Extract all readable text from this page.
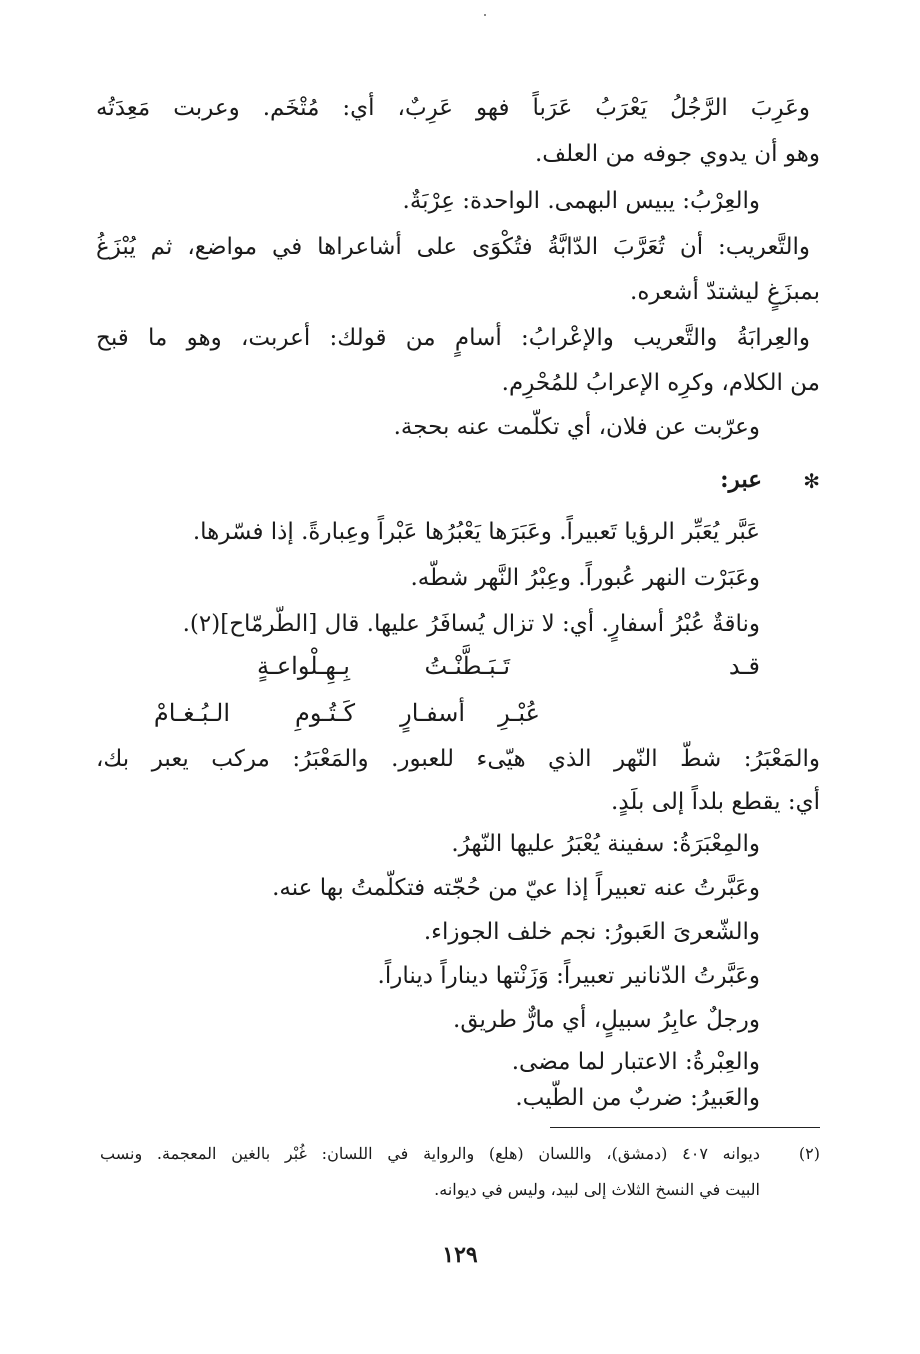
وعَرِبَ الرَّجُلُ يَعْرَبُ عَرَباً فهو عَرِبٌ، أي: مُتْخَم. وعربت مَعِدَتُه
وهو أن يدوي جوفه من العلف.
والعِرْبُ: يبيس البهمى. الواحدة: عِرْبَةٌ.
والتَّعريب: أن تُعَرَّبَ الدّابَّةُ فتُكْوَى على أشاعراها في مواضع، ثم يُبْزَغُ
بمبزَغٍ ليشتدّ أشعره.
والعِرابَةُ والتَّعريب والإعْرابُ: أسامٍ من قولك: أعربت، وهو ما قبح
من الكلام، وكرِه الإعرابُ للمُحْرِم.
وعرّبت عن فلان، أي تكلّمت عنه بحجة.
✻
عبر:
عَبَّر يُعَبِّر الرؤيا تَعبيراً. وعَبَرَها يَعْبُرُها عَبْراً وعِبارةً. إذا فسّرها.
وعَبَرْت النهر عُبوراً. وعِبْرُ النَّهر شطّه.
وناقةٌ عُبْرُ أسفارٍ. أي: لا تزال يُسافَرُ عليها. قال [الطّرمّاح](٢).
قـد
تَـبَـطَّنْـتُ
بِـهِـلْواعـةٍ
عُبْـرِ
أسفـارٍ
كَـتُـومِ
الـبُـغـامْ
والمَعْبَرُ: شطّ النّهر الذي هيّىء للعبور. والمَعْبَرُ: مركب يعبر بك،
أي: يقطع بلداً إلى بلَدٍ.
والمِعْبَرَةُ: سفينة يُعْبَرُ عليها النّهرُ.
وعَبَّرتُ عنه تعبيراً إذا عيّ من حُجّته فتكلّمتُ بها عنه.
والشّعرىَ العَبورُ: نجم خلف الجوزاء.
وعَبَّرتُ الدّنانير تعبيراً: وَزَنْتها ديناراً ديناراً.
ورجلٌ عابِرُ سبيلٍ، أي مارٌّ طريق.
والعِبْرةُ: الاعتبار لما مضى.
والعَبيرُ: ضربٌ من الطّيب.
(٢)
ديوانه ٤٠٧ (دمشق)، واللسان (هلع) والرواية في اللسان: غُبْر بالغين المعجمة. ونسب
البيت في النسخ الثلاث إلى لبيد، وليس في ديوانه.
١٢٩
